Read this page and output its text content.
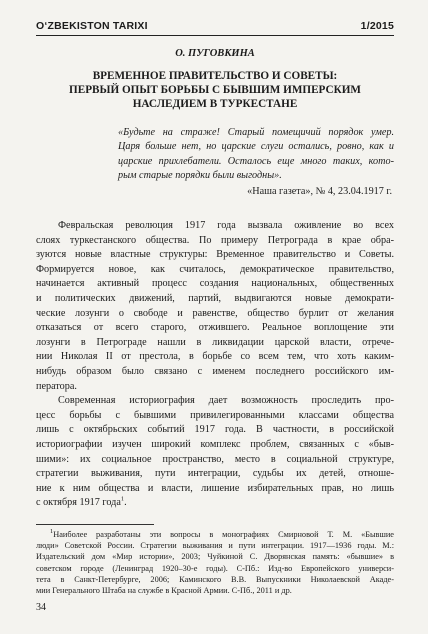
O‘ZBEKISTON TARIXI	1/2015
О. ПУГОВКИНА
ВРЕМЕННОЕ ПРАВИТЕЛЬСТВО И СОВЕТЫ:
ПЕРВЫЙ ОПЫТ БОРЬБЫ С БЫВШИМ ИМПЕРСКИМ
НАСЛЕДИЕМ В ТУРКЕСТАНЕ
«Будьте на страже! Старый помещичий порядок умер.
Царя больше нет, но царские слуги остались, ровно, как и
царские прихлебатели. Осталось еще много таких, кото-
рым старые порядки были выгодны».
«Наша газета», № 4, 23.04.1917 г.
Февральская революция 1917 года вызвала оживление во всех
слоях туркестанского общества. По примеру Петрограда в крае обра-
зуются новые властные структуры: Временное правительство и Советы.
Формируется новое, как считалось, демократическое правительство,
начинается активный процесс создания национальных, общественных
и политических движений, партий, выдвигаются новые демократи-
ческие лозунги о свободе и равенстве, общество бурлит от желания
отказаться от всего старого, отжившего. Реальное воплощение эти
лозунги в Петрограде нашли в ликвидации царской власти, отрече-
нии Николая II от престола, в борьбе со всем тем, что хоть каким-
нибудь образом было связано с именем последнего российского им-
ператора.
Современная историография дает возможность проследить про-
цесс борьбы с бывшими привилегированными классами общества
лишь с октябрьских событий 1917 года. В частности, в российской
историографии изучен широкий комплекс проблем, связанных с «быв-
шими»: их социальное пространство, место в социальной структуре,
стратегии выживания, пути интеграции, судьбы их детей, отноше-
ние к ним общества и власти, лишение избирательных прав, но лишь
с октября 1917 года$^1$.
$^1$Наиболее разработаны эти вопросы в монографиях Смирновой Т. М. «Бывшие
люди» Советской России. Стратегии выживания и пути интеграции. 1917—1936 годы. М.:
Издательский дом «Мир истории», 2003; Чуйкиной С. Дворянская память: «бывшие» в
советском городе (Ленинград 1920–30-е годы). С-Пб.: Изд-во Европейского универси-
тета в Санкт-Петербурге, 2006; Каминского В.В. Выпускники Николаевской Акаде-
мии Генерального Штаба на службе в Красной Армии. С-Пб., 2011 и др.
34
